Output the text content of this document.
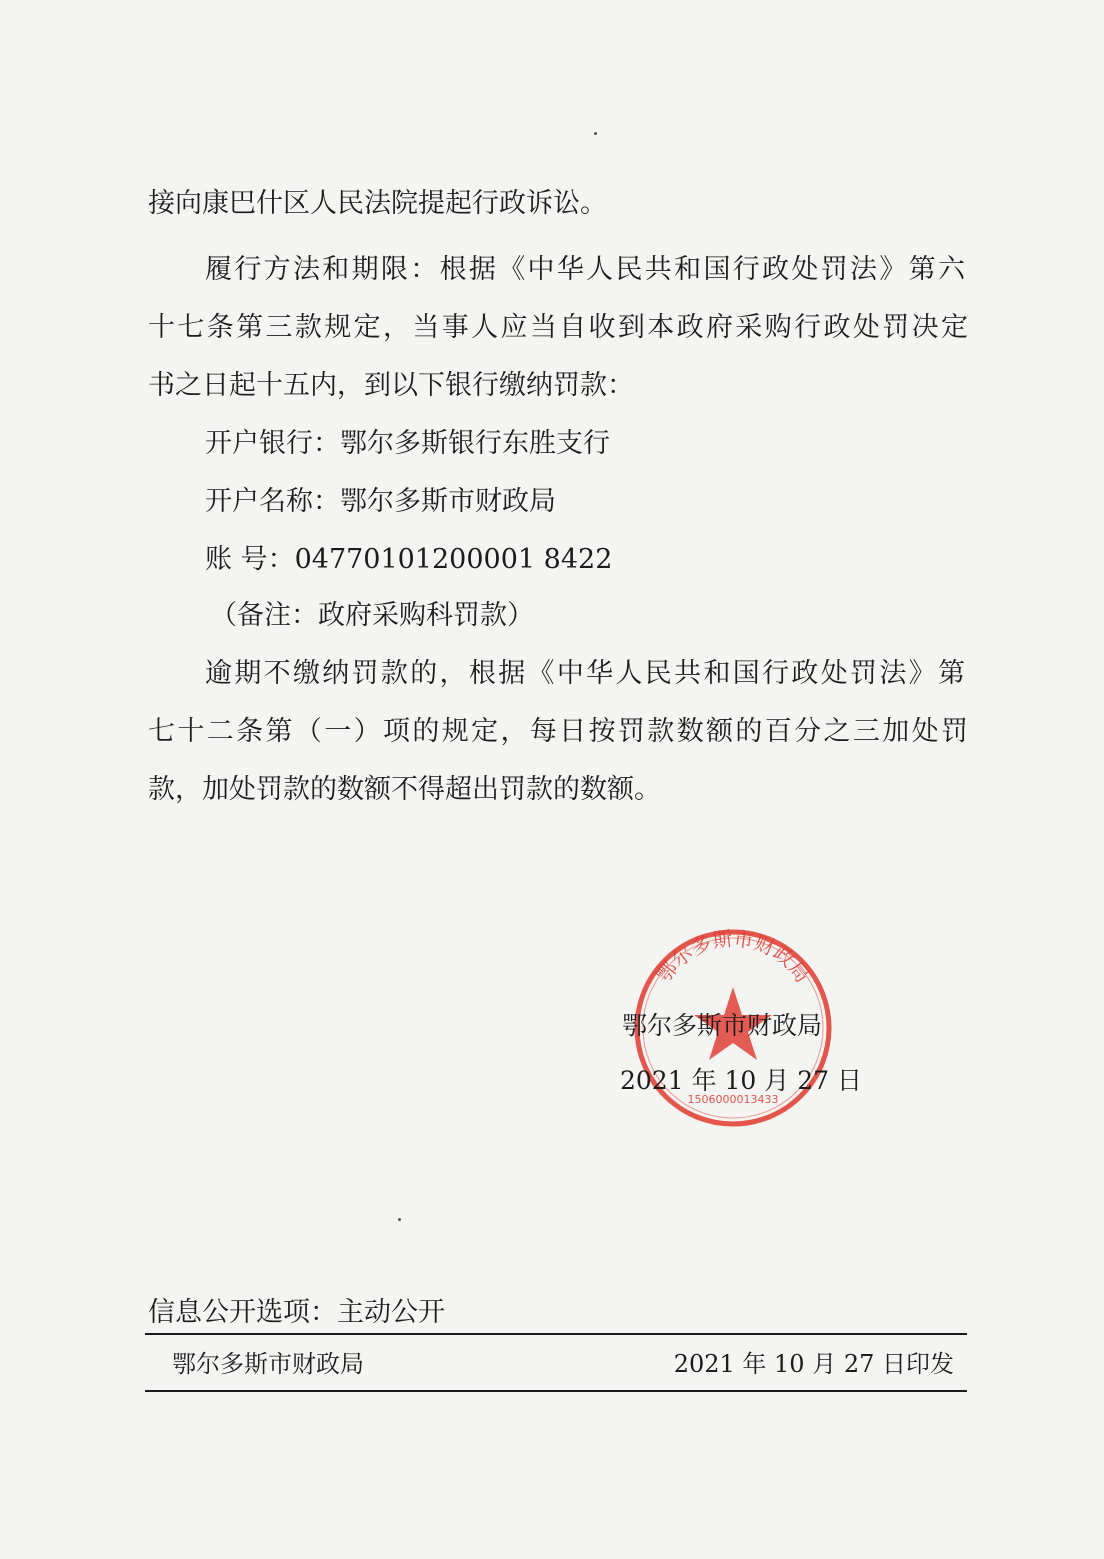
接向康巴什区人民法院提起行政诉讼。
履行方法和期限：根据《中华人民共和国行政处罚法》第六
十七条第三款规定，当事人应当自收到本政府采购行政处罚决定
书之日起十五内，到以下银行缴纳罚款：
开户银行：鄂尔多斯银行东胜支行
开户名称：鄂尔多斯市财政局
账 号：04770101200001 8422
（备注：政府采购科罚款）
逾期不缴纳罚款的，根据《中华人民共和国行政处罚法》第
七十二条第（一）项的规定，每日按罚款数额的百分之三加处罚
款，加处罚款的数额不得超出罚款的数额。
鄂尔多斯市财政局
1506000013433
鄂尔多斯市财政局
2021 年 10 月 27 日
信息公开选项：主动公开
鄂尔多斯市财政局	2021 年 10 月 27 日印发
